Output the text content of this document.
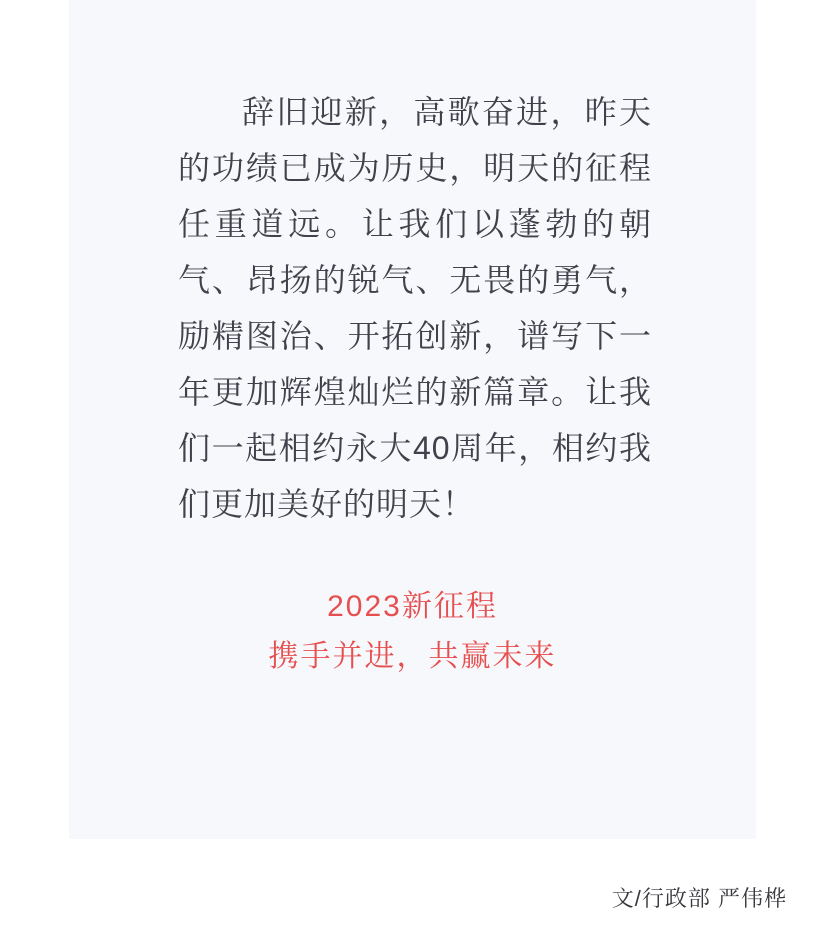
辞旧迎新，高歌奋进，昨天的功绩已成为历史，明天的征程任重道远。让我们以蓬勃的朝气、昂扬的锐气、无畏的勇气，励精图治、开拓创新，谱写下一年更加辉煌灿烂的新篇章。让我们一起相约永大40周年，相约我们更加美好的明天！

2023新征程
携手并进，共赢未来
文/行政部 严伟桦
